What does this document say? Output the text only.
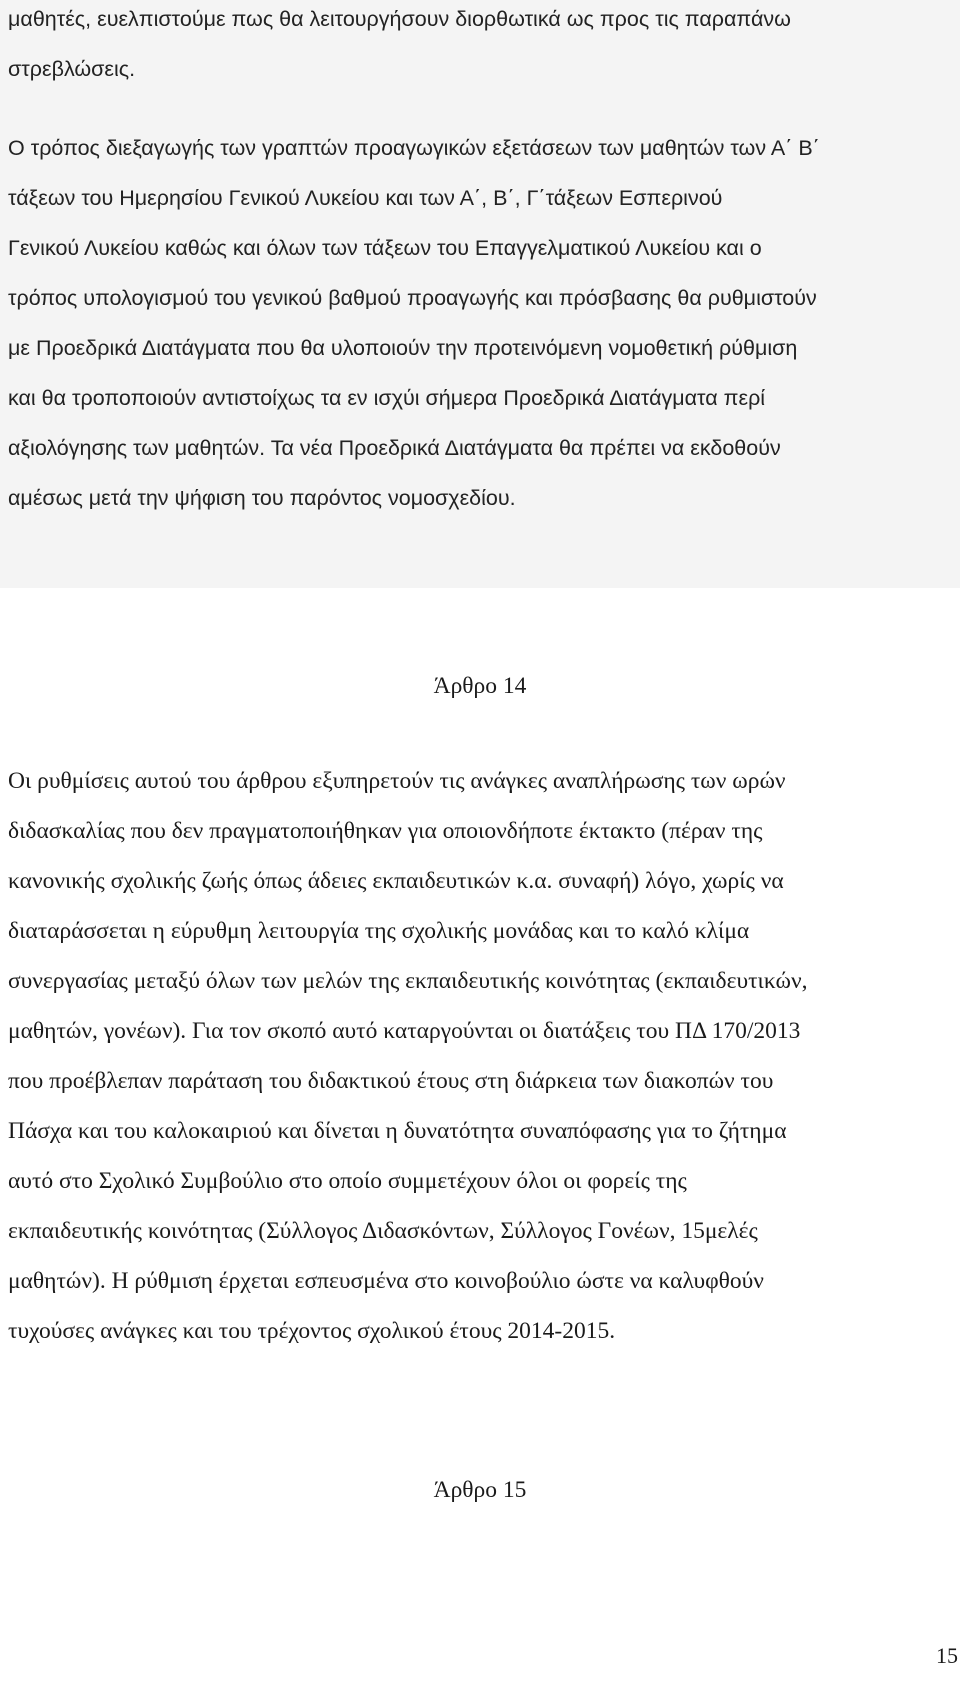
μαθητές, ευελπιστούμε πως θα λειτουργήσουν διορθωτικά ως προς τις παραπάνω
στρεβλώσεις.

Ο τρόπος διεξαγωγής των γραπτών προαγωγικών εξετάσεων των μαθητών των Α΄ Β΄
τάξεων του Ημερησίου Γενικού Λυκείου και των Α΄, Β΄, Γ΄τάξεων Εσπερινού
Γενικού Λυκείου καθώς και όλων των τάξεων του Επαγγελματικού Λυκείου και ο
τρόπος υπολογισμού του γενικού βαθμού προαγωγής και πρόσβασης θα ρυθμιστούν
με Προεδρικά Διατάγματα που θα υλοποιούν την προτεινόμενη νομοθετική ρύθμιση
και θα τροποποιούν αντιστοίχως τα εν ισχύι σήμερα Προεδρικά Διατάγματα περί
αξιολόγησης των μαθητών. Τα νέα Προεδρικά Διατάγματα θα πρέπει να εκδοθούν
αμέσως μετά την ψήφιση του παρόντος νομοσχεδίου.

Άρθρο 14

Οι ρυθμίσεις αυτού του άρθρου εξυπηρετούν τις ανάγκες αναπλήρωσης των ωρών
διδασκαλίας που δεν πραγματοποιήθηκαν για οποιονδήποτε έκτακτο (πέραν της
κανονικής σχολικής ζωής όπως άδειες εκπαιδευτικών κ.α. συναφή) λόγο, χωρίς να
διαταράσσεται η εύρυθμη λειτουργία της σχολικής μονάδας και το καλό κλίμα
συνεργασίας μεταξύ όλων των μελών της εκπαιδευτικής κοινότητας (εκπαιδευτικών,
μαθητών, γονέων). Για τον σκοπό αυτό καταργούνται οι διατάξεις του ΠΔ 170/2013
που προέβλεπαν παράταση του διδακτικού έτους στη διάρκεια των διακοπών του
Πάσχα και του καλοκαιριού και δίνεται η δυνατότητα συναπόφασης για το ζήτημα
αυτό στο Σχολικό Συμβούλιο στο οποίο συμμετέχουν όλοι οι φορείς της
εκπαιδευτικής κοινότητας (Σύλλογος Διδασκόντων, Σύλλογος Γονέων, 15μελές
μαθητών). Η ρύθμιση έρχεται εσπευσμένα στο κοινοβούλιο ώστε να καλυφθούν
τυχούσες ανάγκες και του τρέχοντος σχολικού έτους 2014-2015.

Άρθρο 15
15
